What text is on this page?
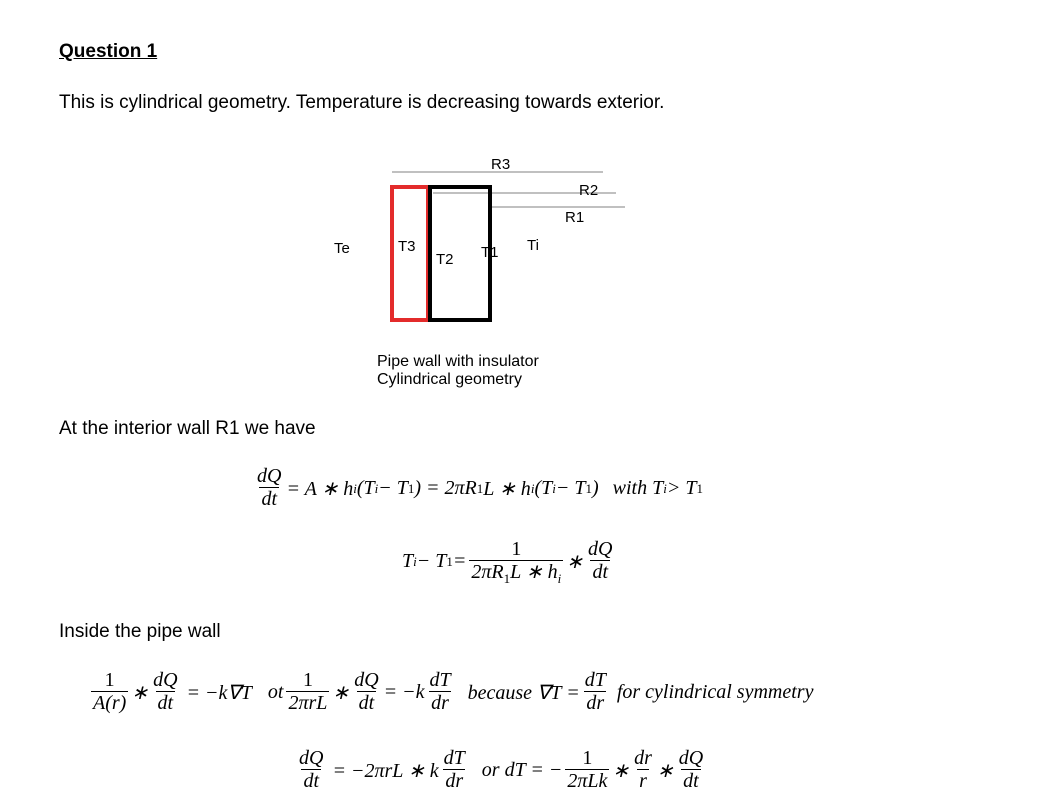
Question 1
This is cylindrical geometry. Temperature is decreasing towards exterior.
R3
R2
R1
Te	T3
T2 T1 Ti
Pipe wall with insulator
Cylindrical geometry
At the interior wall R1 we have
$\frac{dQ}{dt} = A$ ∗ h i (T i − T 1 ) = 2πR 1 L ∗ h i (T i − T 1 ) with T i > T 1
T i − T $1 = \frac{1}{2\pi R_1L ∗ h_i}$ ∗ $\frac{dQ}{dt}$
Inside the pipe wall
$\frac{1}{A(r)}$ ∗ $\frac{dQ}{dt} = -k\nabla T$ ot $\frac{1}{\text{2πrL}}$ ∗ $\frac{dQ}{dt} = -k \frac{dT}{dr}$ because $\nabla T = \frac{dT}{dr}$ for cylindrical symmetry
$\frac{dQ}{dt} = -2\pi rL$ ∗ k $\frac{dT}{dr}$ or dT = − $\frac{1}{\text{2πLk}}$ ∗ $\frac{dr}{r}$ ∗ $\frac{dQ}{dt}$
